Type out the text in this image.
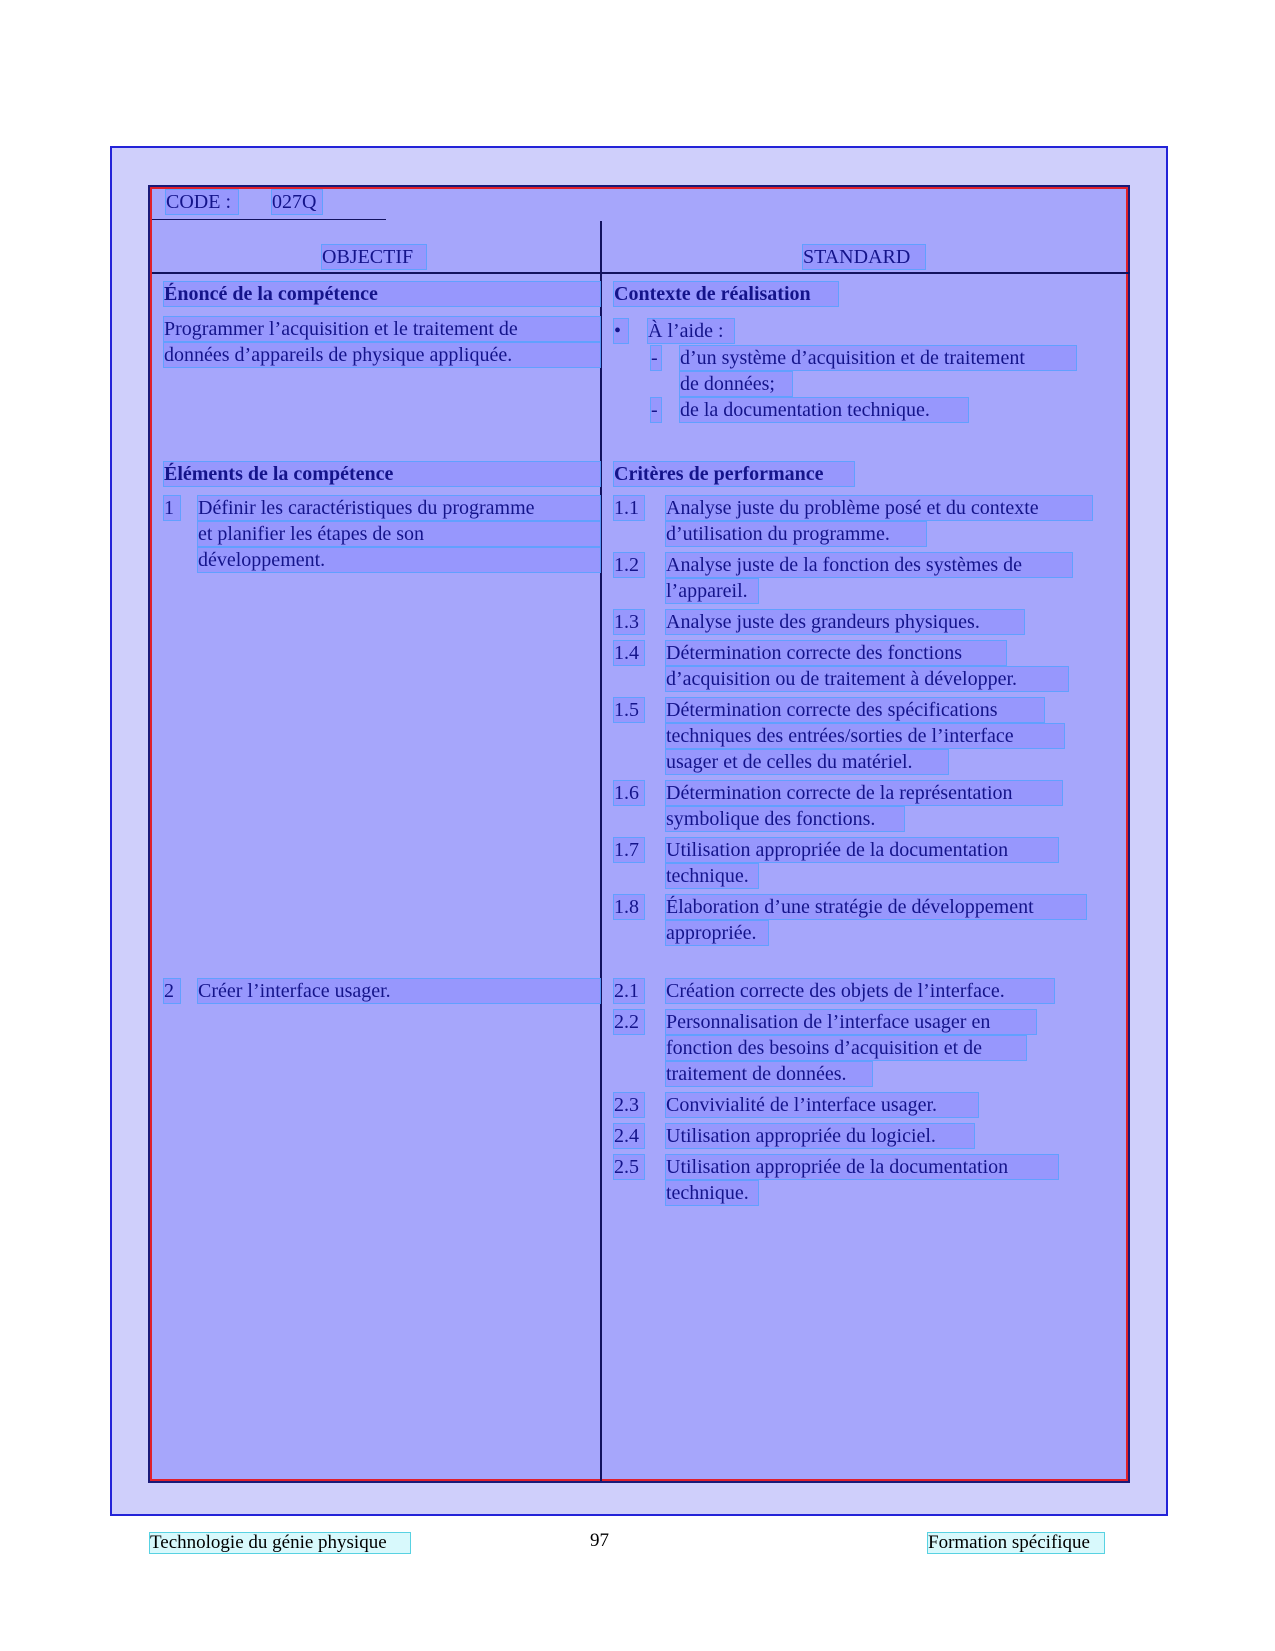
CODE :	027Q
OBJECTIF	STANDARD
Énoncé de la compétence
Programmer l’acquisition et le traitement de
données d’appareils de physique appliquée.
Éléments de la compétence
1	Définir les caractéristiques du programme
et planifier les étapes de son
développement.
2	Créer l’interface usager.
Contexte de réalisation
•	À l’aide :
- d’un système d’acquisition et de traitement
de données;
- de la documentation technique.
Critères de performance
1.1 Analyse juste du problème posé et du contexte
d’utilisation du programme.
1.2 Analyse juste de la fonction des systèmes de
l’appareil.
1.3 Analyse juste des grandeurs physiques.
1.4 Détermination correcte des fonctions
d’acquisition ou de traitement à développer.
1.5 Détermination correcte des spécifications
techniques des entrées/sorties de l’interface
usager et de celles du matériel.
1.6 Détermination correcte de la représentation
symbolique des fonctions.
1.7 Utilisation appropriée de la documentation
technique.
1.8 Élaboration d’une stratégie de développement
appropriée.
2.1 Création correcte des objets de l’interface.
2.2 Personnalisation de l’interface usager en
fonction des besoins d’acquisition et de
traitement de données.
2.3 Convivialité de l’interface usager.
2.4 Utilisation appropriée du logiciel.
2.5 Utilisation appropriée de la documentation
technique.
Technologie du génie physique	97	Formation spécifique
